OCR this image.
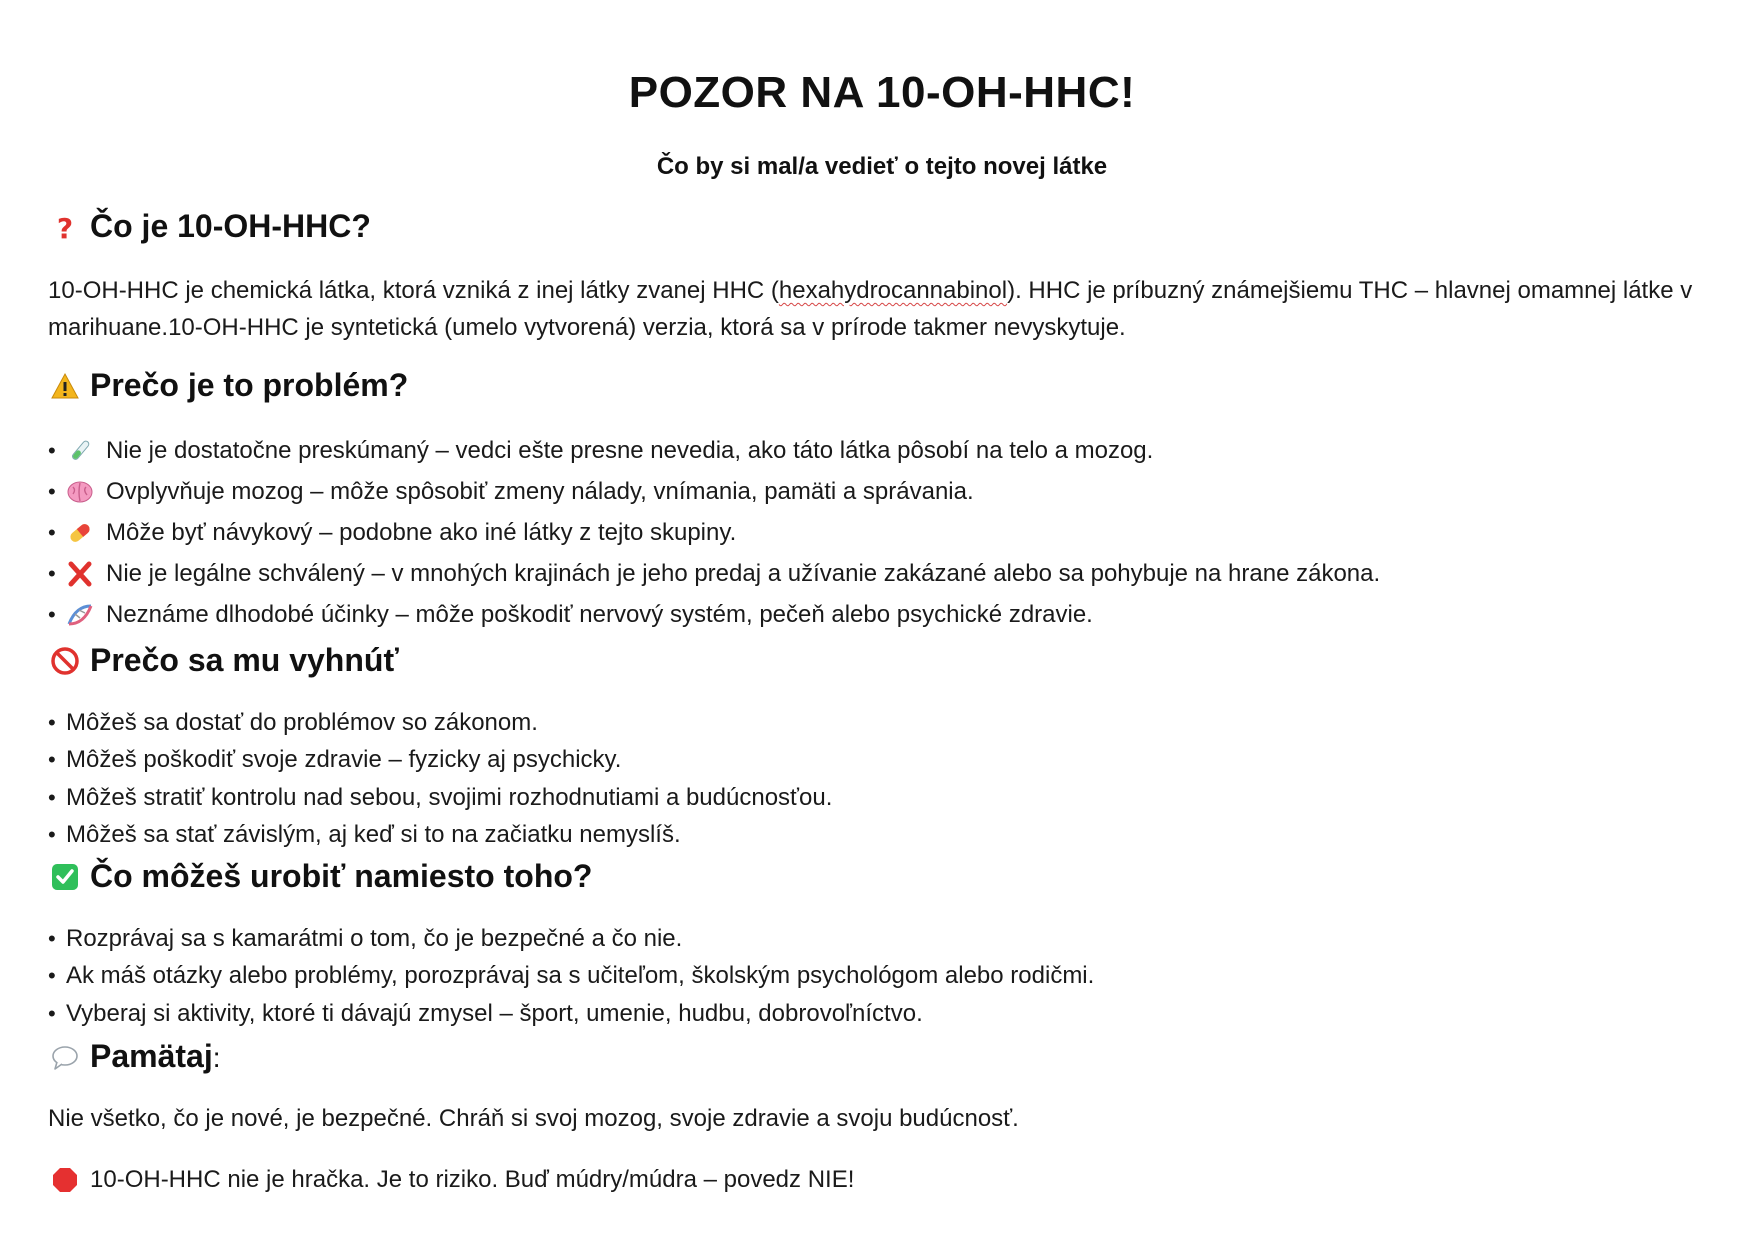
POZOR NA 10-OH-HHC!
Čo by si mal/a vedieť o tejto novej látke
? Čo je 10-OH-HHC?
10-OH-HHC je chemická látka, ktorá vzniká z inej látky zvanej HHC (hexahydrocannabinol). HHC je príbuzný známejšiemu THC – hlavnej omamnej látke v marihuane.10-OH-HHC je syntetická (umelo vytvorená) verzia, ktorá sa v prírode takmer nevyskytuje.
Prečo je to problém?
•	Nie je dostatočne preskúmaný – vedci ešte presne nevedia, ako táto látka pôsobí na telo a mozog.
•	Ovplyvňuje mozog – môže spôsobiť zmeny nálady, vnímania, pamäti a správania.
•	Môže byť návykový – podobne ako iné látky z tejto skupiny.
•	Nie je legálne schválený – v mnohých krajinách je jeho predaj a užívanie zakázané alebo sa pohybuje na hrane zákona.
•	Neznáme dlhodobé účinky – môže poškodiť nervový systém, pečeň alebo psychické zdravie.
Prečo sa mu vyhnúť
• Môžeš sa dostať do problémov so zákonom.
• Môžeš poškodiť svoje zdravie – fyzicky aj psychicky.
• Môžeš stratiť kontrolu nad sebou, svojimi rozhodnutiami a budúcnosťou.
• Môžeš sa stať závislým, aj keď si to na začiatku nemyslíš.
Čo môžeš urobiť namiesto toho?
• Rozprávaj sa s kamarátmi o tom, čo je bezpečné a čo nie.
• Ak máš otázky alebo problémy, porozprávaj sa s učiteľom, školským psychológom alebo rodičmi.
• Vyberaj si aktivity, ktoré ti dávajú zmysel – šport, umenie, hudbu, dobrovoľníctvo.
Pamätaj:
Nie všetko, čo je nové, je bezpečné. Chráň si svoj mozog, svoje zdravie a svoju budúcnosť.
10-OH-HHC nie je hračka. Je to riziko. Buď múdry/múdra – povedz NIE!
